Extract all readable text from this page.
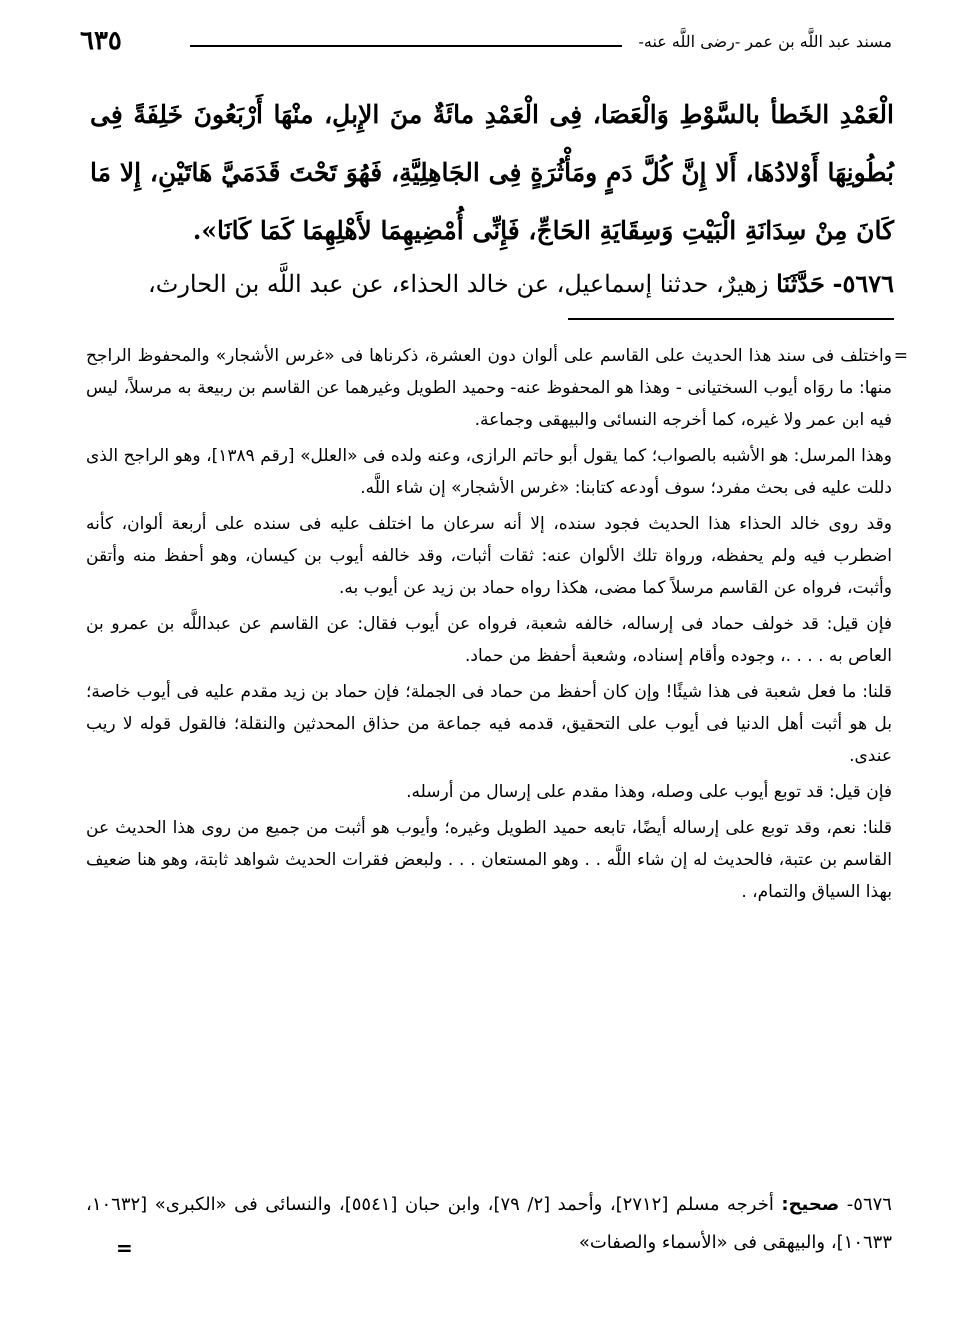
مسند عبد اللَّه بن عمر -رضى اللَّه عنه-
٦٣٥

الْعَمْدِ الخَطأ بالسَّوْطِ وَالْعَصَا، فِى الْعَمْدِ مائَةٌ منَ الإِبلِ، منْهَا أَرْبَعُونَ خَلِفَةً فِى بُطُونِهَا أَوْلادُهَا، أَلا إِنَّ كُلَّ دَمٍ ومَأْثُرَةٍ فِى الجَاهِلِيَّةِ، فَهُوَ تَحْتَ قَدَمَيَّ هَاتَيْنِ، إِلا مَا كَانَ مِنْ سِدَانَةِ الْبَيْتِ وَسِقَايَةِ الحَاجِّ، فَإِنِّى أُمْضِيهِمَا لأَهْلِهِمَا كَمَا كَانَا».

٥٦٧٦- حَدَّثَنَا زهيرٌ، حدثنا إسماعيل، عن خالد الحذاء، عن عبد اللَّه بن الحارث،
=

واختلف فى سند هذا الحديث على القاسم على ألوان دون العشرة، ذكرناها فى «غرس الأشجار» والمحفوظ الراجح منها: ما روَاه أيوب السختيانى - وهذا هو المحفوظ عنه- وحميد الطويل وغيرهما عن القاسم بن ربيعة به مرسلاً، ليس فيه ابن عمر ولا غيره، كما أخرجه النسائى والبيهقى وجماعة.

وهذا المرسل: هو الأشبه بالصواب؛ كما يقول أبو حاتم الرازى، وعنه ولده فى «العلل» [رقم ١٣٨٩]، وهو الراجح الذى دللت عليه فى بحث مفرد؛ سوف أودعه كتابنا: «غرس الأشجار» إن شاء اللَّه.

وقد روى خالد الحذاء هذا الحديث فجود سنده، إلا أنه سرعان ما اختلف عليه فى سنده على أربعة ألوان، كأنه اضطرب فيه ولم يحفظه، ورواة تلك الألوان عنه: ثقات أثبات، وقد خالفه أيوب بن كيسان، وهو أحفظ منه وأتقن وأثبت، فرواه عن القاسم مرسلاً كما مضى، هكذا رواه حماد بن زيد عن أيوب به.

فإن قيل: قد خولف حماد فى إرساله، خالفه شعبة، فرواه عن أيوب فقال: عن القاسم عن عبداللَّه بن عمرو بن العاص به . . . .، وجوده وأقام إسناده، وشعبة أحفظ من حماد.

قلنا: ما فعل شعبة فى هذا شيئًا! وإن كان أحفظ من حماد فى الجملة؛ فإن حماد بن زيد مقدم عليه فى أيوب خاصة؛ بل هو أثبت أهل الدنيا فى أيوب على التحقيق، قدمه فيه جماعة من حذاق المحدثين والنقلة؛ فالقول قوله لا ريب عندى.

فإن قيل: قد توبع أيوب على وصله، وهذا مقدم على إرسال من أرسله.

قلنا: نعم، وقد توبع على إرساله أيضًا، تابعه حميد الطويل وغيره؛ وأيوب هو أثبت من جميع من روى هذا الحديث عن القاسم بن عتبة، فالحديث له إن شاء اللَّه . . وهو المستعان . . . ولبعض فقرات الحديث شواهد ثابتة، وهو هنا ضعيف بهذا السياق والتمام، .

٥٦٧٦- صحيح: أخرجه مسلم [٢٧١٢]، وأحمد [٢/ ٧٩]، وابن حبان [٥٥٤١]، والنسائى فى «الكبرى» [١٠٦٣٢، ١٠٦٣٣]، والبيهقى فى «الأسماء والصفات»

=
